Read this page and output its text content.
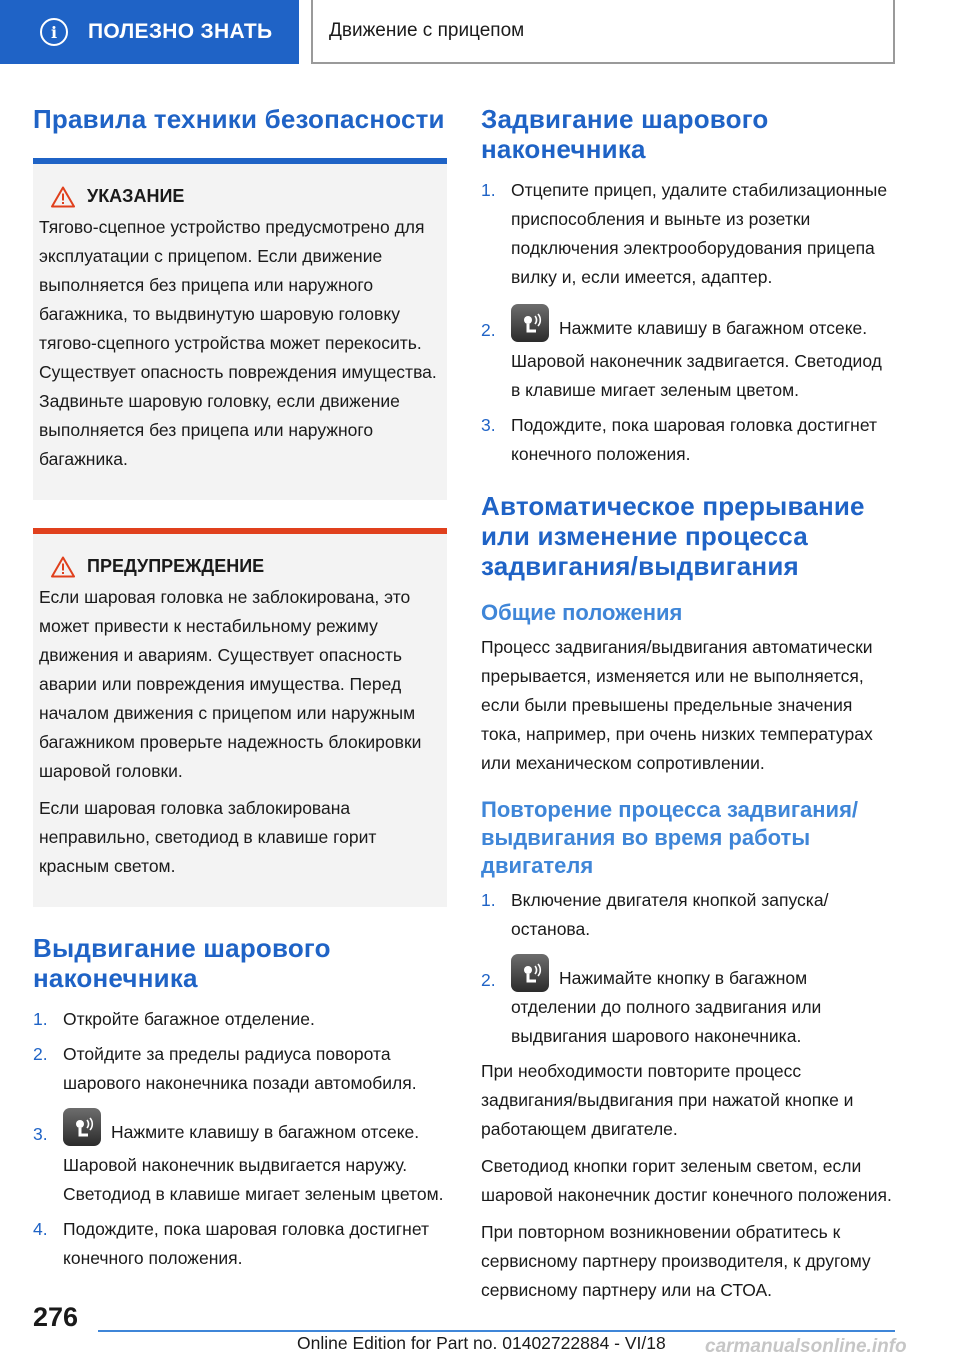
i	ПОЛЕЗНО ЗНАТЬ	Движение с прицепом
Правила техники безопасности
УКАЗАНИЕ

Тягово-сцепное устройство предусмотрено для эксплуатации с прицепом. Если движение выполняется без прицепа или наружного багажника, то выдвинутую шаровую головку тягово-сцепного устройства может перекосить. Существует опасность повреждения имущества. Задвиньте шаровую головку, если движение выполняется без прицепа или наружного багажника.

ПРЕДУПРЕЖДЕНИЕ

Если шаровая головка не заблокирована, это может привести к нестабильному режиму движения и авариям. Существует опасность аварии или повреждения имущества. Перед началом движения с прицепом или наружным багажником проверьте надежность блокировки шаровой головки.

Если шаровая головка заблокирована неправильно, светодиод в клавише горит красным светом.

Выдвигание шарового наконечника
1. Откройте багажное отделение.

2. Отойдите за пределы радиуса поворота шарового наконечника позади автомобиля.

3.	Нажмите клавишу в багажном отсеке.

Шаровой наконечник выдвигается наружу. Светодиод в клавише мигает зеленым цветом.

4. Подождите, пока шаровая головка достигнет конечного положения.

Задвигание шарового наконечника
1. Отцепите прицеп, удалите стабилизационные приспособления и выньте из розетки подключения электрооборудования прицепа вилку и, если имеется, адаптер.

2.	Нажмите клавишу в багажном отсеке.

Шаровой наконечник задвигается. Светодиод в клавише мигает зеленым цветом.

3. Подождите, пока шаровая головка достигнет конечного положения.

Автоматическое прерывание или изменение процесса задвигания/выдвигания
Общие положения

Процесс задвигания/выдвигания автоматически прерывается, изменяется или не выполняется, если были превышены предельные значения тока, например, при очень низких температурах или механическом сопротивлении.

Повторение процесса задвигания/выдвигания во время работы двигателя
1. Включение двигателя кнопкой запуска/останова.

2.	Нажимайте кнопку в багажном отделении до полного задвигания или выдвигания шарового наконечника.

При необходимости повторите процесс задвигания/выдвигания при нажатой кнопке и работающем двигателе.

Светодиод кнопки горит зеленым светом, если шаровой наконечник достиг конечного положения.

При повторном возникновении обратитесь к сервисному партнеру производителя, к другому сервисному партнеру или на СТОА.

276
Online Edition for Part no. 01402722884 - VI/18 carmanualsonline.info
